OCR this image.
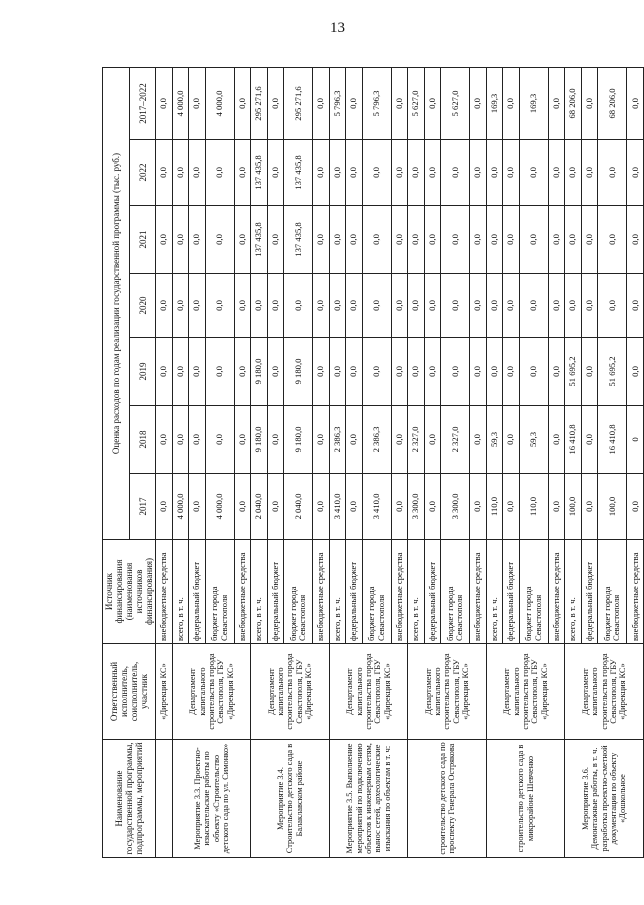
13
Наименование государственной программы, подпрограммы, мероприятий	Ответственный исполнитель, соисполнитель, участник	Источник финансирования (наименования источников финансирования)	Оценка расходов по годам реализации государственной программы (тыс. руб.)						
			2017	2018	2019	2020	2021	2022	2017–2022
	«Дирекция КС»	внебюджетные средства	0,0	0,0	0,0	0,0	0,0	0,0	0,0
Мероприятие 3.3. Проектно-изыскательские работы по объекту «Строительство детского сада по ул. Симонко»	Департамент капитального строительства города Севастополя, ГБУ «Дирекция КС»	всего, в т. ч.	4 000,0	0,0	0,0	0,0	0,0	0,0	4 000,0
		федеральный бюджет	0,0	0,0	0,0	0,0	0,0	0,0	0,0
		бюджет города Севастополя	4 000,0	0,0	0,0	0,0	0,0	0,0	4 000,0
		внебюджетные средства	0,0	0,0	0,0	0,0	0,0	0,0	0,0
Мероприятие 3.4. Строительство детского сада в Балаклавском районе	Департамент капитального строительства города Севастополя, ГБУ «Дирекция КС»	всего, в т. ч.	2 040,0	9 180,0	9 180,0	0,0	137 435,8	137 435,8	295 271,6
		федеральный бюджет	0,0	0,0	0,0	0,0	0,0	0,0	0,0
		бюджет города Севастополя	2 040,0	9 180,0	9 180,0	0,0	137 435,8	137 435,8	295 271,6
		внебюджетные средства	0,0	0,0	0,0	0,0	0,0	0,0	0,0
Мероприятие 3.5. Выполнение мероприятий по подключению объектов к инженерным сетям, вынос сетей, археологические изыскания по объектам в т. ч:	Департамент капитального строительства города Севастополя, ГБУ «Дирекция КС»	всего, в т. ч.	3 410,0	2 386,3	0,0	0,0	0,0	0,0	5 796,3
		федеральный бюджет	0,0	0,0	0,0	0,0	0,0	0,0	0,0
		бюджет города Севастополя	3 410,0	2 386,3	0,0	0,0	0,0	0,0	5 796,3
		внебюджетные средства	0,0	0,0	0,0	0,0	0,0	0,0	0,0
строительство детского сада по проспекту Генерала Острякова	Департамент капитального строительства города Севастополя, ГБУ «Дирекция КС»	всего, в т. ч.	3 300,0	2 327,0	0,0	0,0	0,0	0,0	5 627,0
		федеральный бюджет	0,0	0,0	0,0	0,0	0,0	0,0	0,0
		бюджет города Севастополя	3 300,0	2 327,0	0,0	0,0	0,0	0,0	5 627,0
		внебюджетные средства	0,0	0,0	0,0	0,0	0,0	0,0	0,0
строительство детского сада в микрорайоне Шевченко	Департамент капитального строительства города Севастополя, ГБУ «Дирекция КС»	всего, в т. ч.	110,0	59,3	0,0	0,0	0,0	0,0	169,3
		федеральный бюджет	0,0	0,0	0,0	0,0	0,0	0,0	0,0
		бюджет города Севастополя	110,0	59,3	0,0	0,0	0,0	0,0	169,3
		внебюджетные средства	0,0	0,0	0,0	0,0	0,0	0,0	0,0
Мероприятие 3.6. Демонтажные работы, в т. ч. разработка проектно-сметной документации по объекту «Дошкольное	Департамент капитального строительства города Севастополя, ГБУ «Дирекция КС»	всего, в т. ч.	100,0	16 410,8	51 695,2	0,0	0,0	0,0	68 206,0
		федеральный бюджет	0,0	0,0	0,0	0,0	0,0	0,0	0,0
		бюджет города Севастополя	100,0	16 410,8	51 695,2	0,0	0,0	0,0	68 206,0
		внебюджетные средства	0,0	0	0,0	0,0	0,0	0,0	0,0
